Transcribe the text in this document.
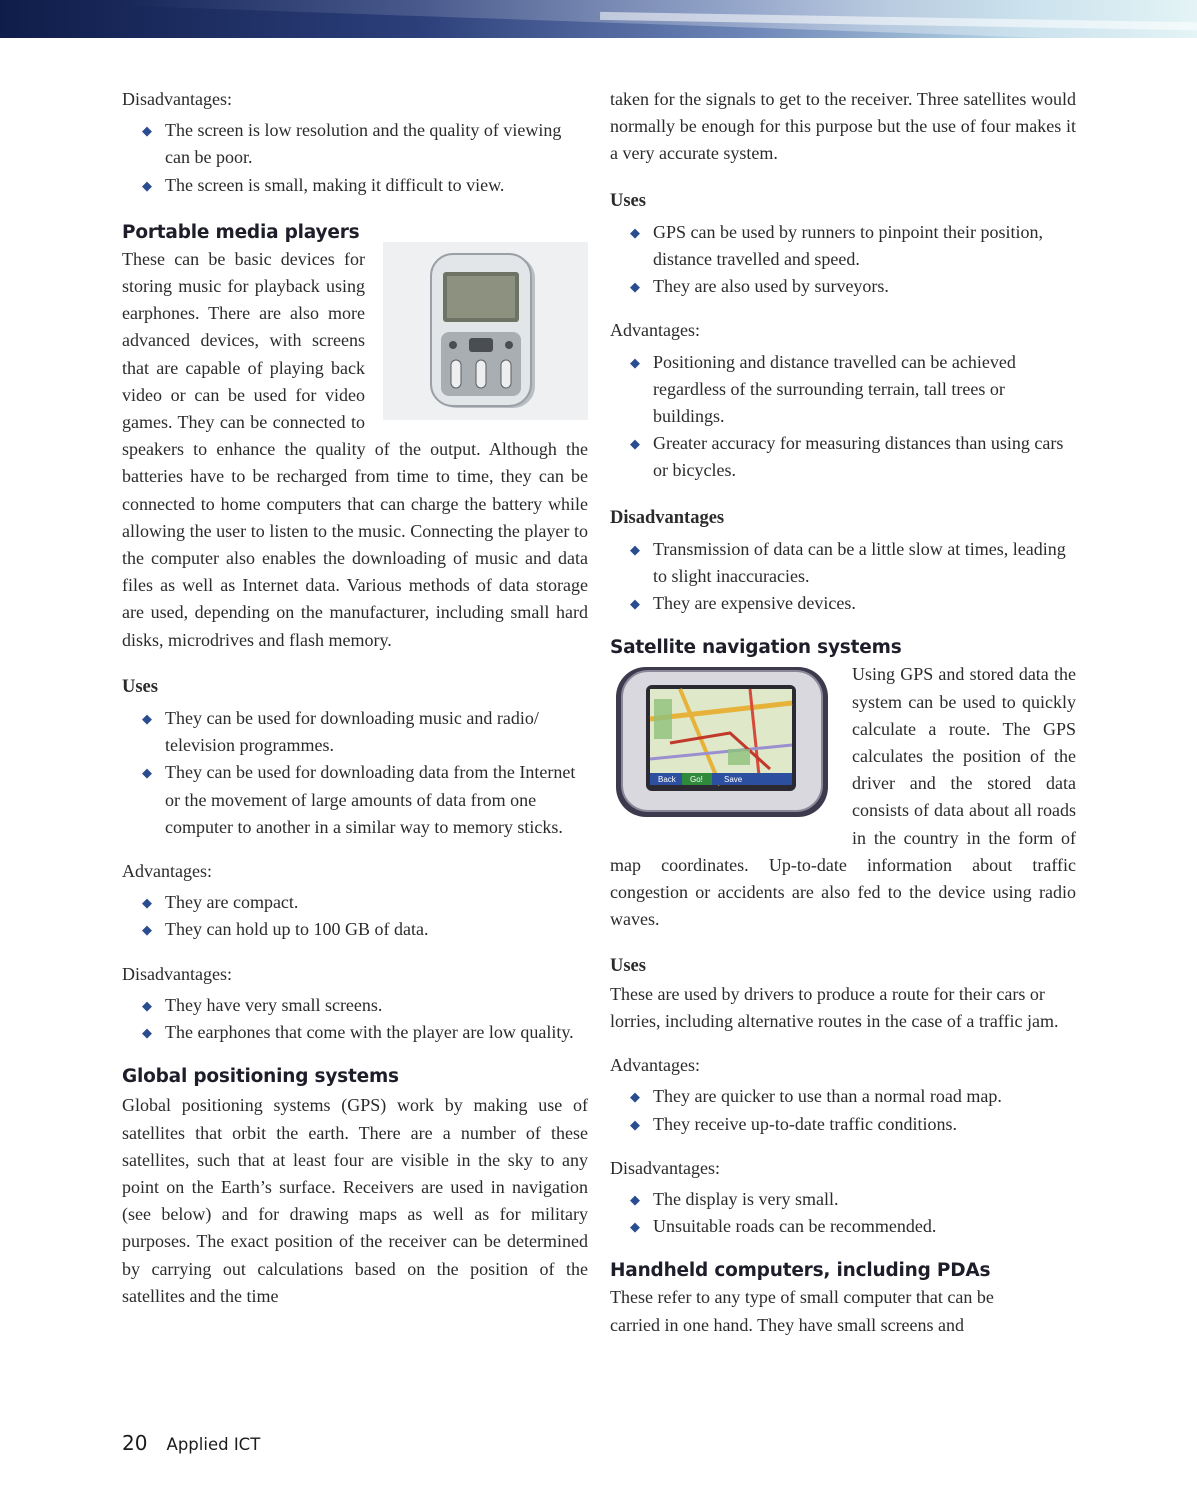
Disadvantages:

◆ The screen is low resolution and the quality of viewing can be poor.
◆ The screen is small, making it difficult to view.
Portable media players

These can be basic devices for storing music for playback using earphones. There are also more advanced devices, with screens that are capable of playing back video or can be used for video games. They can be connected to speakers to enhance the quality of the output. Although the batteries have to be recharged from time to time, they can be connected to home computers that can charge the battery while allowing the user to listen to the music. Connecting the player to the computer also enables the downloading of music and data files as well as Internet data. Various methods of data storage are used, depending on the manufacturer, including small hard disks, microdrives and flash memory.

Uses

◆ They can be used for downloading music and radio/ television programmes.
◆ They can be used for downloading data from the Internet or the movement of large amounts of data from one computer to another in a similar way to memory sticks.

Advantages:

◆ They are compact.
◆ They can hold up to 100 GB of data.

Disadvantages:

◆ They have very small screens.
◆ The earphones that come with the player are low quality.
Global positioning systems

Global positioning systems (GPS) work by making use of satellites that orbit the earth. There are a number of these satellites, such that at least four are visible in the sky to any point on the Earth’s surface. Receivers are used in navigation (see below) and for drawing maps as well as for military purposes. The exact position of the receiver can be determined by carrying out calculations based on the position of the satellites and the time

taken for the signals to get to the receiver. Three satellites would normally be enough for this purpose but the use of four makes it a very accurate system.

Uses

◆ GPS can be used by runners to pinpoint their position, distance travelled and speed.
◆ They are also used by surveyors.

Advantages:

◆ Positioning and distance travelled can be achieved regardless of the surrounding terrain, tall trees or buildings.
◆ Greater accuracy for measuring distances than using cars or bicycles.

Disadvantages

◆ Transmission of data can be a little slow at times, leading to slight inaccuracies.
◆ They are expensive devices.
Satellite navigation systems
Back Go!	Save

Using GPS and stored data the system can be used to quickly calculate a route. The GPS calculates the position of the driver and the stored data consists of data about all roads in the country in the form of map coordinates. Up-to-date information about traffic congestion or accidents are also fed to the device using radio waves.

Uses

These are used by drivers to produce a route for their cars or lorries, including alternative routes in the case of a traffic jam.

Advantages:

◆ They are quicker to use than a normal road map.
◆ They receive up-to-date traffic conditions.

Disadvantages:

◆ The display is very small.
◆ Unsuitable roads can be recommended.
Handheld computers, including PDAs

These refer to any type of small computer that can be carried in one hand. They have small screens and

20 Applied ICT
